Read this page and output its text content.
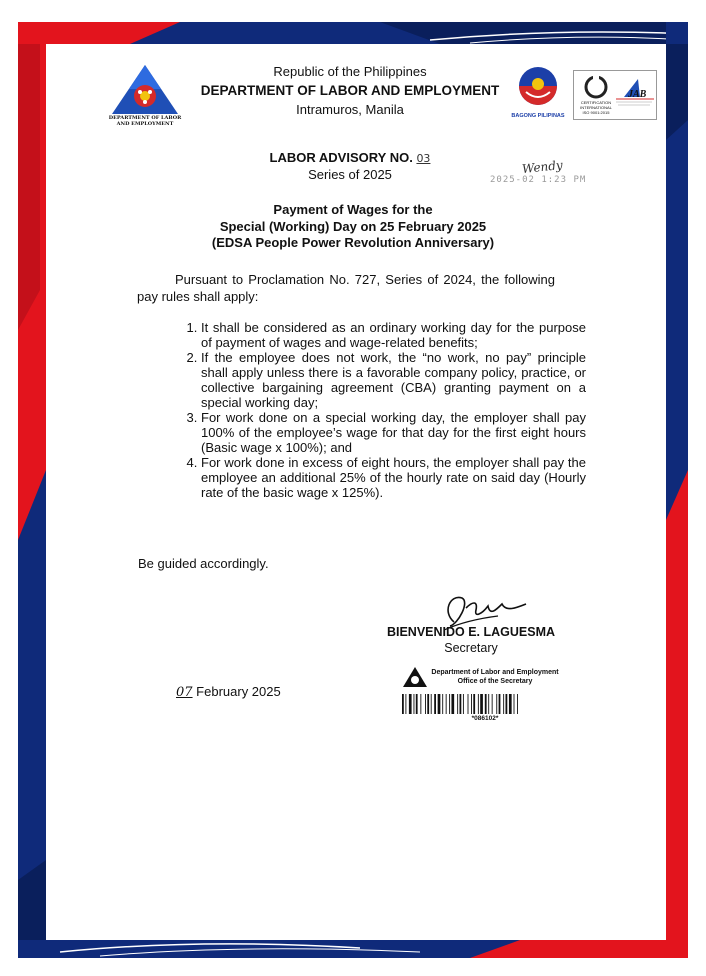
DEPARTMENT OF LABOR AND EMPLOYMENT
Republic of the Philippines
DEPARTMENT OF LABOR AND EMPLOYMENT
Intramuros, Manila	BAGONG PILIPINAS
JAB
CERTIFICATION INTERNATIONAL
ISO 9001:2015
LABOR ADVISORY NO. 03
Series of 2025	Wendy
2025-02 1:23 PM
Payment of Wages for the
Special (Working) Day on 25 February 2025
(EDSA People Power Revolution Anniversary)
Pursuant to Proclamation No. 727, Series of 2024, the following pay rules shall apply:
1. It shall be considered as an ordinary working day for the purpose of payment of wages and wage-related benefits;
2. If the employee does not work, the “no work, no pay” principle shall apply unless there is a favorable company policy, practice, or collective bargaining agreement (CBA) granting payment on a special working day;
3. For work done on a special working day, the employer shall pay 100% of the employee’s wage for that day for the first eight hours (Basic wage x 100%); and
4. For work done in excess of eight hours, the employer shall pay the employee an additional 25% of the hourly rate on said day (Hourly rate of the basic wage x 125%).
Be guided accordingly.
BIENVENIDO E. LAGUESMA
Secretary
07 February 2025
Department of Labor and Employment
Office of the Secretary
*086102*
